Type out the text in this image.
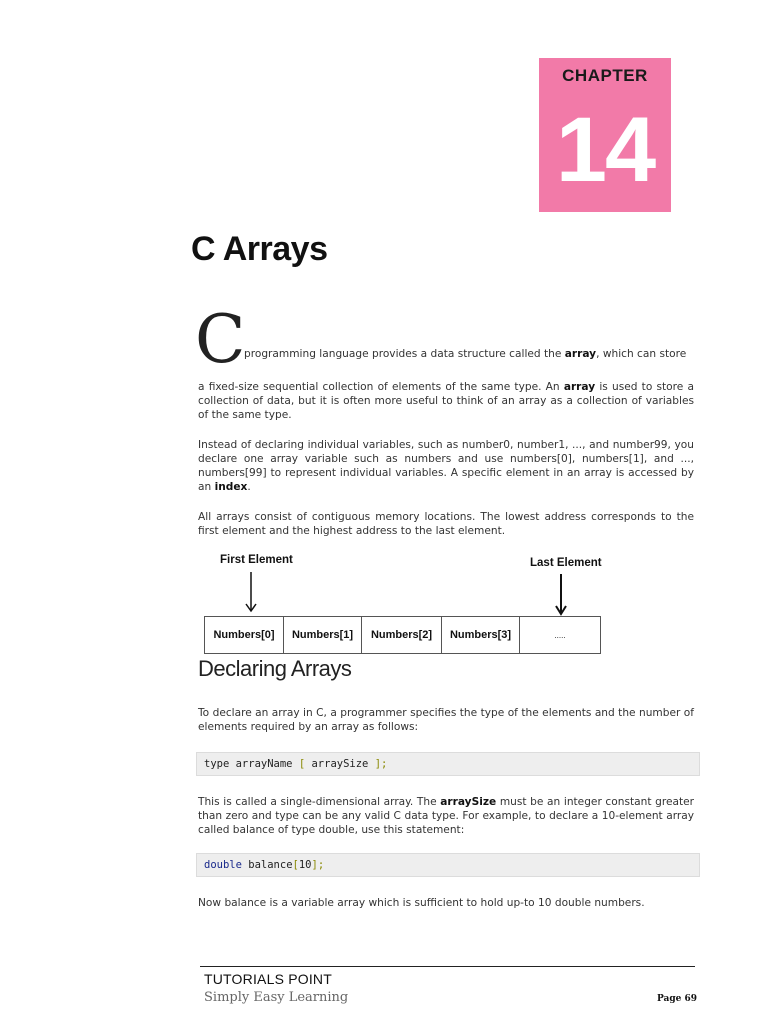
CHAPTER
14
C Arrays
C

programming language provides a data structure called the array, which can store

a fixed-size sequential collection of elements of the same type. An array is used to store a collection of data, but it is often more useful to think of an array as a collection of variables of the same type.

Instead of declaring individual variables, such as number0, number1, ..., and number99, you declare one array variable such as numbers and use numbers[0], numbers[1], and ..., numbers[99] to represent individual variables. A specific element in an array is accessed by an index.

All arrays consist of contiguous memory locations. The lowest address corresponds to the first element and the highest address to the last element.

First Element	Last Element
Numbers[0]	Numbers[1]	Numbers[2]	Numbers[3]	.....
Declaring Arrays

To declare an array in C, a programmer specifies the type of the elements and the number of elements required by an array as follows:

type arrayName [ arraySize ];

This is called a single-dimensional array. The arraySize must be an integer constant greater than zero and type can be any valid C data type. For example, to declare a 10-element array called balance of type double, use this statement:

double balance[10];

Now balance is a variable array which is sufficient to hold up-to 10 double numbers.

TUTORIALS POINT
Simply Easy Learning	Page 69
